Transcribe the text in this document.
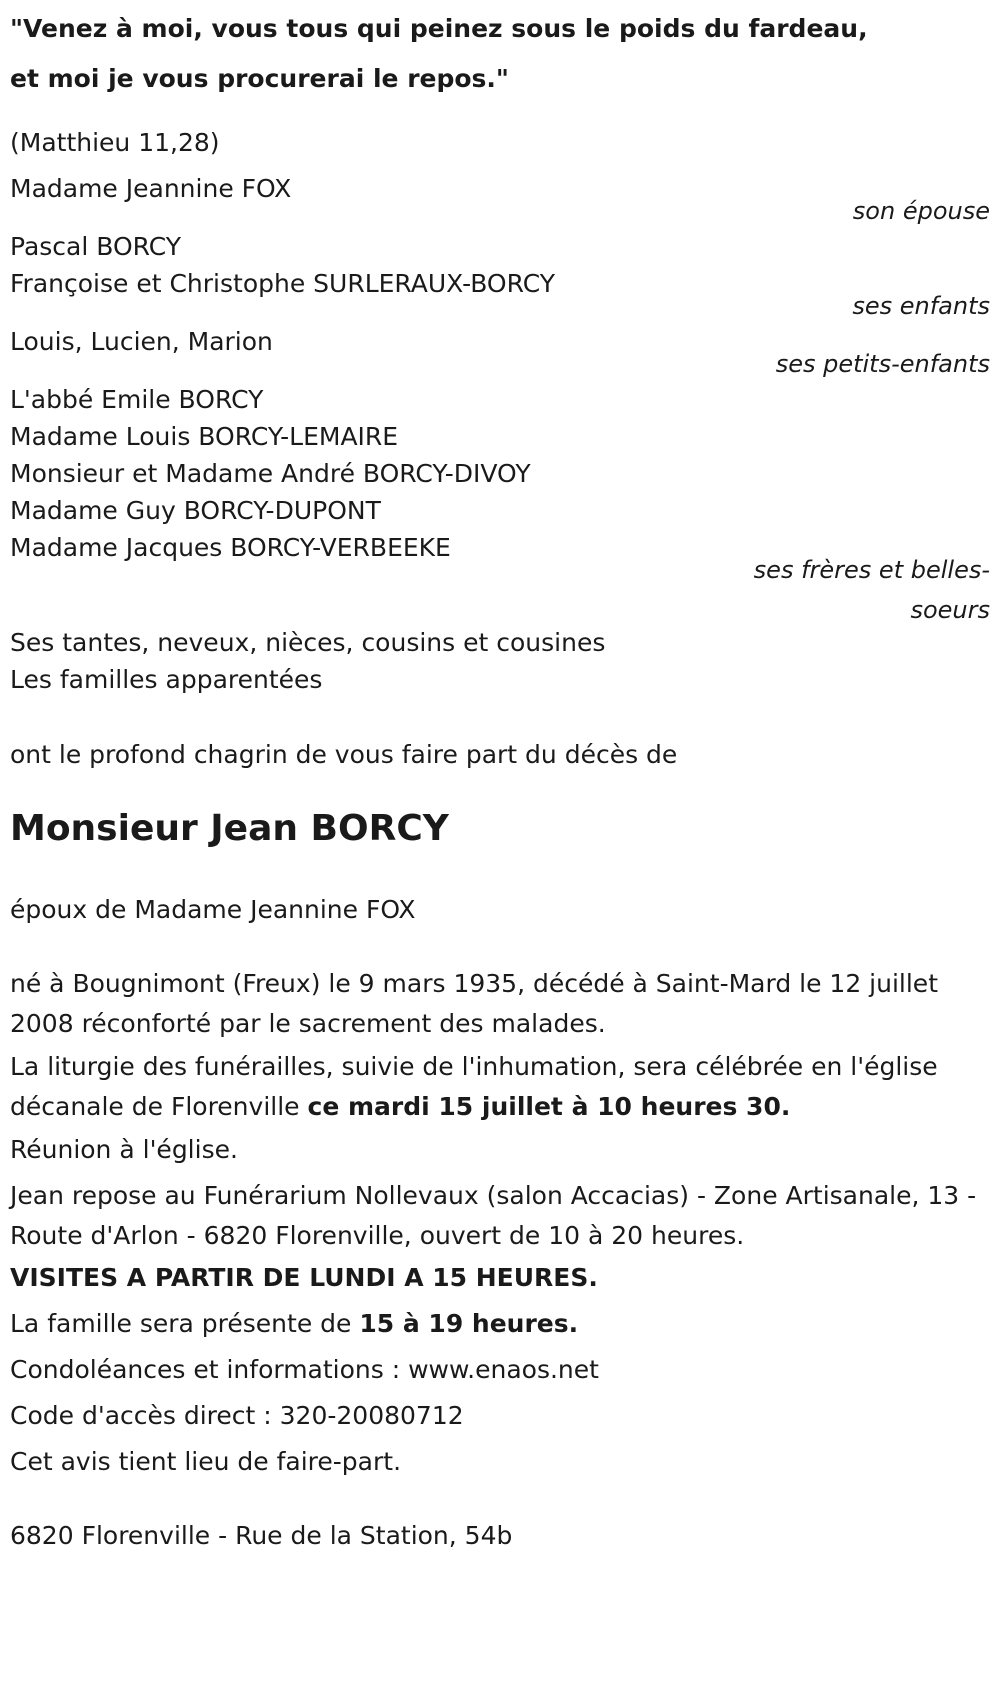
"Venez à moi, vous tous qui peinez sous le poids du fardeau,
et moi je vous procurerai le repos."
(Matthieu 11,28)
Madame Jeannine FOX
son épouse
Pascal BORCY
Françoise et Christophe SURLERAUX-BORCY
ses enfants
Louis, Lucien, Marion
ses petits-enfants
L'abbé Emile BORCY
Madame Louis BORCY-LEMAIRE
Monsieur et Madame André BORCY-DIVOY
Madame Guy BORCY-DUPONT
Madame Jacques BORCY-VERBEEKE
ses frères et belles-soeurs
Ses tantes, neveux, nièces, cousins et cousines
Les familles apparentées
ont le profond chagrin de vous faire part du décès de
Monsieur Jean BORCY
époux de Madame Jeannine FOX
né à Bougnimont (Freux) le 9 mars 1935, décédé à Saint-Mard le 12 juillet 2008 réconforté par le sacrement des malades.
La liturgie des funérailles, suivie de l'inhumation, sera célébrée en l'église décanale de Florenville ce mardi 15 juillet à 10 heures 30.
Réunion à l'église.
Jean repose au Funérarium Nollevaux (salon Accacias) - Zone Artisanale, 13 - Route d'Arlon - 6820 Florenville, ouvert de 10 à 20 heures.
VISITES A PARTIR DE LUNDI A 15 HEURES.
La famille sera présente de 15 à 19 heures.
Condoléances et informations : www.enaos.net
Code d'accès direct : 320-20080712
Cet avis tient lieu de faire-part.
6820 Florenville - Rue de la Station, 54b
